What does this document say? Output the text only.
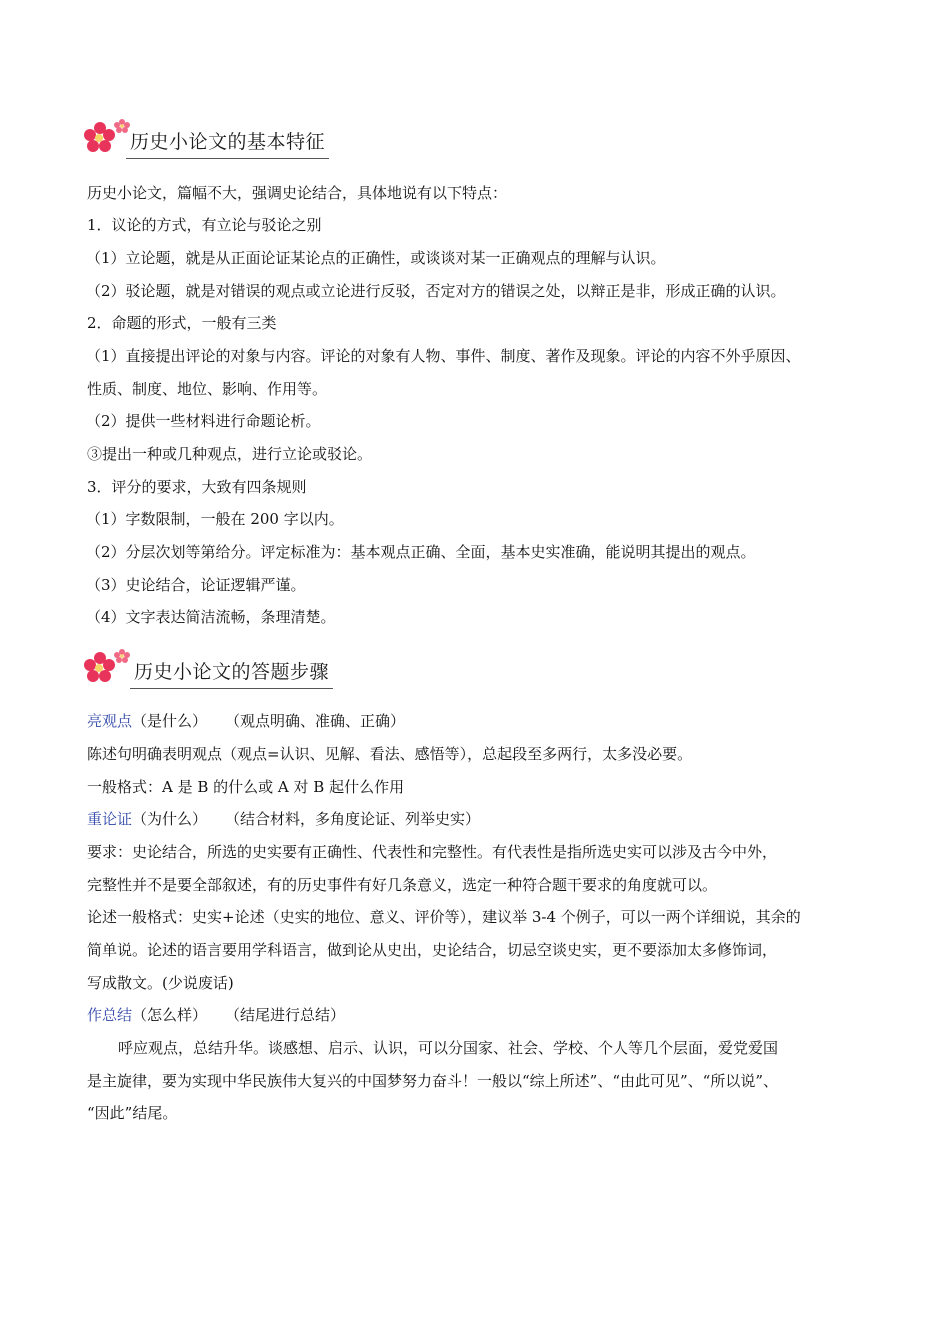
历史小论文的基本特征
历史小论文，篇幅不大，强调史论结合，具体地说有以下特点：
1．议论的方式，有立论与驳论之别
（1）立论题，就是从正面论证某论点的正确性，或谈谈对某一正确观点的理解与认识。
（2）驳论题，就是对错误的观点或立论进行反驳，否定对方的错误之处，以辩正是非，形成正确的认识。
2．命题的形式，一般有三类
（1）直接提出评论的对象与内容。评论的对象有人物、事件、制度、著作及现象。评论的内容不外乎原因、
性质、制度、地位、影响、作用等。
（2）提供一些材料进行命题论析。
③提出一种或几种观点，进行立论或驳论。
3．评分的要求，大致有四条规则
（1）字数限制，一般在 200 字以内。
（2）分层次划等第给分。评定标准为：基本观点正确、全面，基本史实准确，能说明其提出的观点。
（3）史论结合，论证逻辑严谨。
（4）文字表达简洁流畅，条理清楚。
历史小论文的答题步骤
亮观点（是什么） （观点明确、准确、正确）
陈述句明确表明观点（观点=认识、见解、看法、感悟等），总起段至多两行，太多没必要。
一般格式：A 是 B 的什么或 A 对 B 起什么作用
重论证（为什么） （结合材料，多角度论证、列举史实）
要求：史论结合，所选的史实要有正确性、代表性和完整性。有代表性是指所选史实可以涉及古今中外，
完整性并不是要全部叙述，有的历史事件有好几条意义，选定一种符合题干要求的角度就可以。
论述一般格式：史实+论述（史实的地位、意义、评价等），建议举 3-4 个例子，可以一两个详细说，其余的
简单说。论述的语言要用学科语言，做到论从史出，史论结合，切忌空谈史实，更不要添加太多修饰词，
写成散文。(少说废话)
作总结（怎么样） （结尾进行总结）
呼应观点，总结升华。谈感想、启示、认识，可以分国家、社会、学校、个人等几个层面，爱党爱国
是主旋律，要为实现中华民族伟大复兴的中国梦努力奋斗！一般以“综上所述”、“由此可见”、“所以说”、
“因此”结尾。
